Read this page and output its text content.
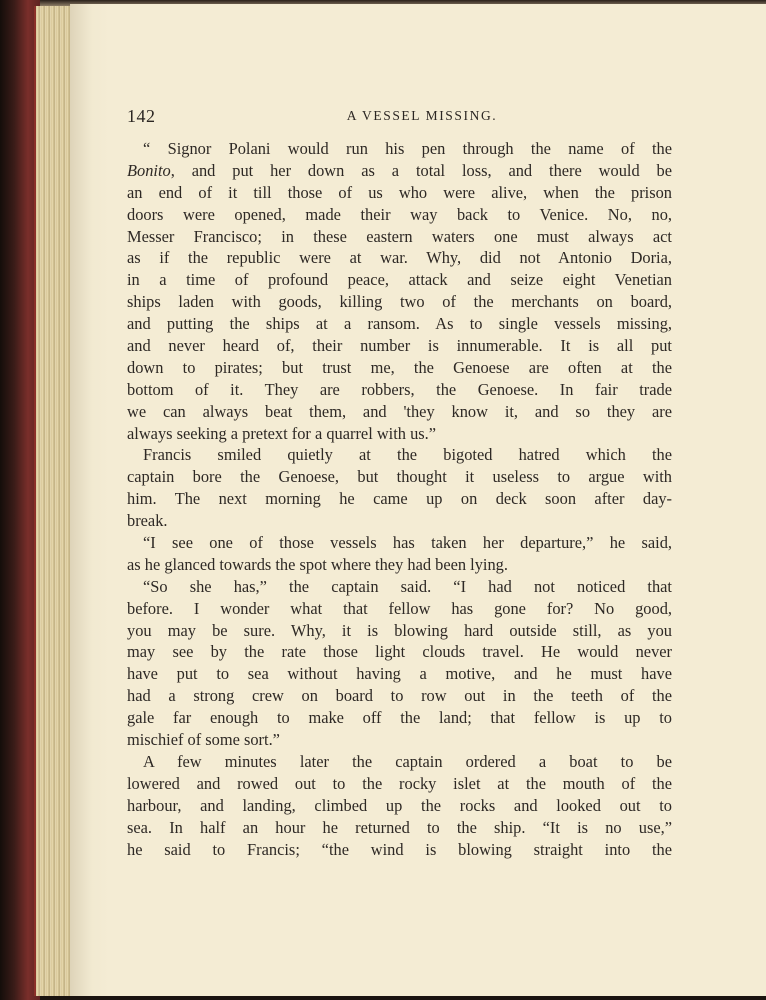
142	A VESSEL MISSING.
“ Signor Polani would run his pen through the name of the
Bonito, and put her down as a total loss, and there would be
an end of it till those of us who were alive, when the prison
doors were opened, made their way back to Venice. No, no,
Messer Francisco; in these eastern waters one must always act
as if the republic were at war. Why, did not Antonio Doria,
in a time of profound peace, attack and seize eight Venetian
ships laden with goods, killing two of the merchants on board,
and putting the ships at a ransom. As to single vessels missing,
and never heard of, their number is innumerable. It is all put
down to pirates; but trust me, the Genoese are often at the
bottom of it. They are robbers, the Genoese. In fair trade
we can always beat them, and 'they know it, and so they are
always seeking a pretext for a quarrel with us.”
Francis smiled quietly at the bigoted hatred which the
captain bore the Genoese, but thought it useless to argue with
him. The next morning he came up on deck soon after day-
break.
“I see one of those vessels has taken her departure,” he said,
as he glanced towards the spot where they had been lying.
“So she has,” the captain said. “I had not noticed that
before. I wonder what that fellow has gone for? No good,
you may be sure. Why, it is blowing hard outside still, as you
may see by the rate those light clouds travel. He would never
have put to sea without having a motive, and he must have
had a strong crew on board to row out in the teeth of the
gale far enough to make off the land; that fellow is up to
mischief of some sort.”
A few minutes later the captain ordered a boat to be
lowered and rowed out to the rocky islet at the mouth of the
harbour, and landing, climbed up the rocks and looked out to
sea. In half an hour he returned to the ship. “It is no use,”
he said to Francis; “the wind is blowing straight into the
